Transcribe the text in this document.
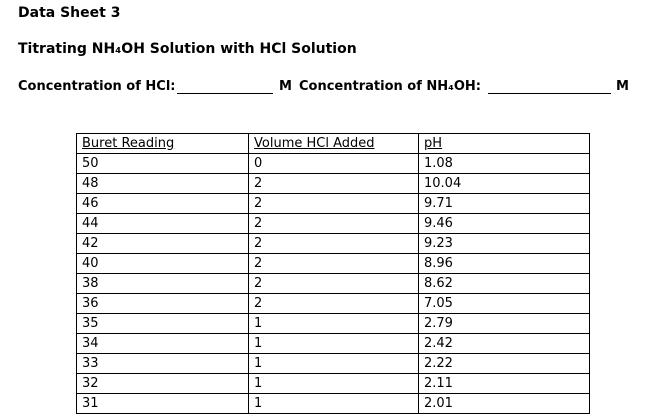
Data Sheet 3
Titrating NH₄OH Solution with HCl Solution
Concentration of HCl:	M Concentration of NH₄OH:	M
Buret Reading	Volume HCl Added	pH
50	0	1.08
48	2	10.04
46	2	9.71
44	2	9.46
42	2	9.23
40	2	8.96
38	2	8.62
36	2	7.05
35	1	2.79
34	1	2.42
33	1	2.22
32	1	2.11
31	1	2.01
